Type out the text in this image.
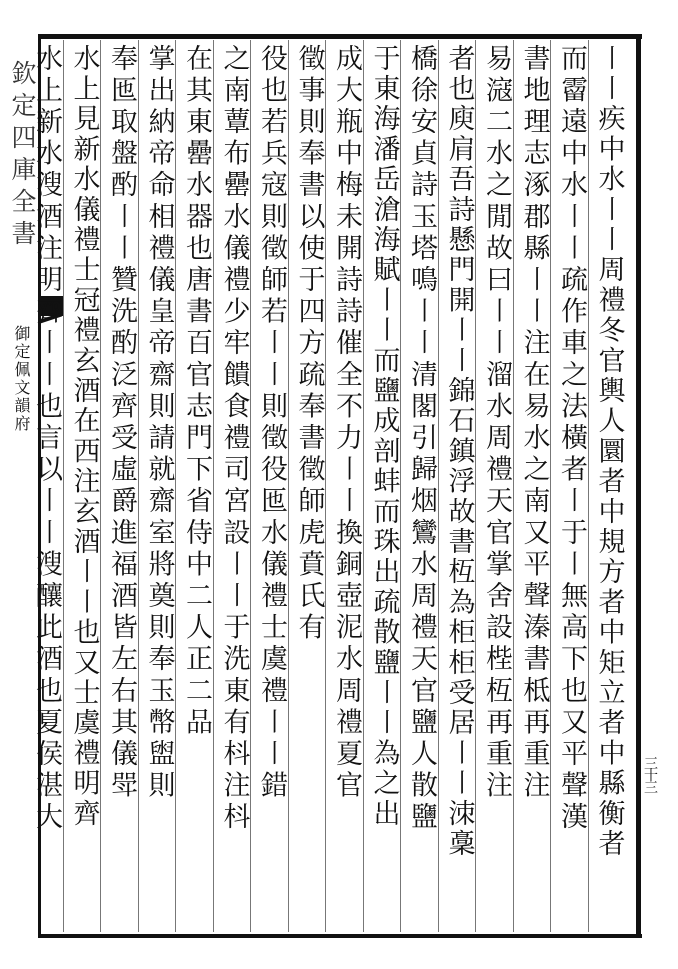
欽定四庫全書
御定佩文韻府
三十三
〡〡疾中水〡〡周禮冬官輿人圜者中規方者中矩立者中縣衡者
而霤遠中水〡〡疏作車之法橫者〡于〡無高下也又平聲漢
書地理志涿郡縣〡〡注在易水之南又平聲溱書柢再重注
易滱二水之閒故曰〡〡溜水周禮天官掌舍設梐枑再重注
者也庾肩吾詩懸門開〡〡錦石鎮浮故書枑為柜柜受居〡〡洓稾
橋徐安貞詩玉塔鳴〡〡清閣引歸烟鸞水周禮天官鹽人散鹽
于東海潘岳滄海賦〡〡而鹽成剖蚌而珠出疏散鹽〡〡為之出
成大瓶中梅未開詩詩催全不力〡〡換銅壺泥水周禮夏官
徵事則奉書以使于四方疏奉書徵師虎賁氏有
役也若兵寇則徵師若〡〡則徵役匜水儀禮士虞禮〡〡錯
之南蕈布罍水儀禮少牢饋食禮司宮設〡〡于洗東有枓注枓
在其東罍水器也唐書百官志門下省侍中二人正二品
掌出納帝命相禮儀皇帝齋則請就齋室將奠則奉玉幣盥則
奉匜取盤酌〡〡贊洗酌泛齊受虛爵進福酒皆左右其儀斝
水上見新水儀禮士冠禮玄酒在西注玄酒〡〡也又士虞禮明齊
水上新水溲酒注明齊〡〡也言以〡〡溲釀此酒也夏侯湛大
